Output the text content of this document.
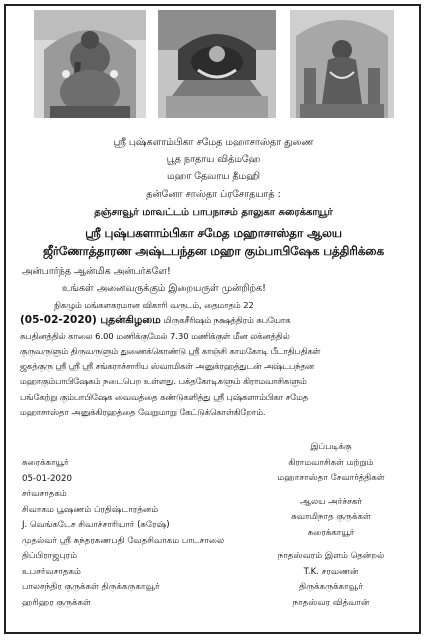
ஸ்ரீ புஷ்களாம்பிகா சமேத மஹாசாஸ்தா துணை
பூத நாதாய வித்மஹே
மஹா தேவாய தீமஹி
தன்னோ சாஸ்தா ப்ரசோதயாத் :
தஞ்சாவூர் மாவட்டம் பாபநாசம் தாலுகா சுரைக்காயூர்
ஸ்ரீ புஷ்பகளாம்பிகா சமேத மஹாசாஸ்தா ஆலய
ஜீர்ணோத்தாரண அஷ்டபந்தன மஹா கும்பாபிஷேக பத்திரிக்கை
அன்பார்ந்த ஆன்மிக அன்பர்களே!
உங்கள் அனைவருக்கும் இறையருள் முன்றிற்க!
நிகழும் மங்களகரமான விகாரி வருடம், தைமாதம் 22
(05-02-2020) புதன்கிழமை மிருகசீரிஷம் நக்ஷத்திரம் சுபயோக
சுபதினத்தில் காலை 6.00 மணிக்குமேல் 7.30 மணிக்குள் மீன லக்னத்தில்
குருவருளும் திருவருளும் துணைக்கொண்டு ஸ்ரீ காஞ்சி காமகோடி பீடாதிபதிகள்
ஜகத்குரு ஸ்ரீ ஸ்ரீ ஸ்ரீ சங்கராச்சாரிய ஸ்வாமிகள் அனுக்ரஹத்துடன் அஷ்டபந்தன
மஹாகும்பாபிஷேகம் நடைபெற உள்ளது. பக்தகோடிகளும் கிராமவாசிகளும்
பங்கேற்று கும்பாபிஷேக வைவத்தை கண்டுகளித்து ஸ்ரீ புஷ்களாம்பிகா சமேத
மஹாசாஸ்தா அனுக்கிரஹத்தை வேறுமாறு கேட்டுக்கொள்கிறோம்.
சுரைக்காயூர்
05-01-2020
சர்வசாதகம்
சிவாகம பூஷணம் ப்ரதிஷ்டாரத்னம்
J. வெங்கடேச சிவாச்சாரியார் (சுரேஷ்)
முதல்வர் ஸ்ரீ சுந்தரகணபதி வேதசிவாகம பாடசாலை
திப்பிராஜபுரம்
உபசர்வசாதகம்
பாலசந்திர குருக்கள் திருக்கருகாவூர்
ஹரிஹர குருக்கள்
இப்படிக்கு
கிராமவாசிகள் மற்றும்
மஹாசாஸ்தா சேவார்த்திகள்
ஆலய அர்ச்சகர்
சுவாமிநாத குருக்கள்
சுரைக்காயூர்
நாதஸ்வரம் இளம் தென்றல்
T.K. சரவணன்
திருக்கருக்காவூர்
நாதஸ்வர வித்வான்
